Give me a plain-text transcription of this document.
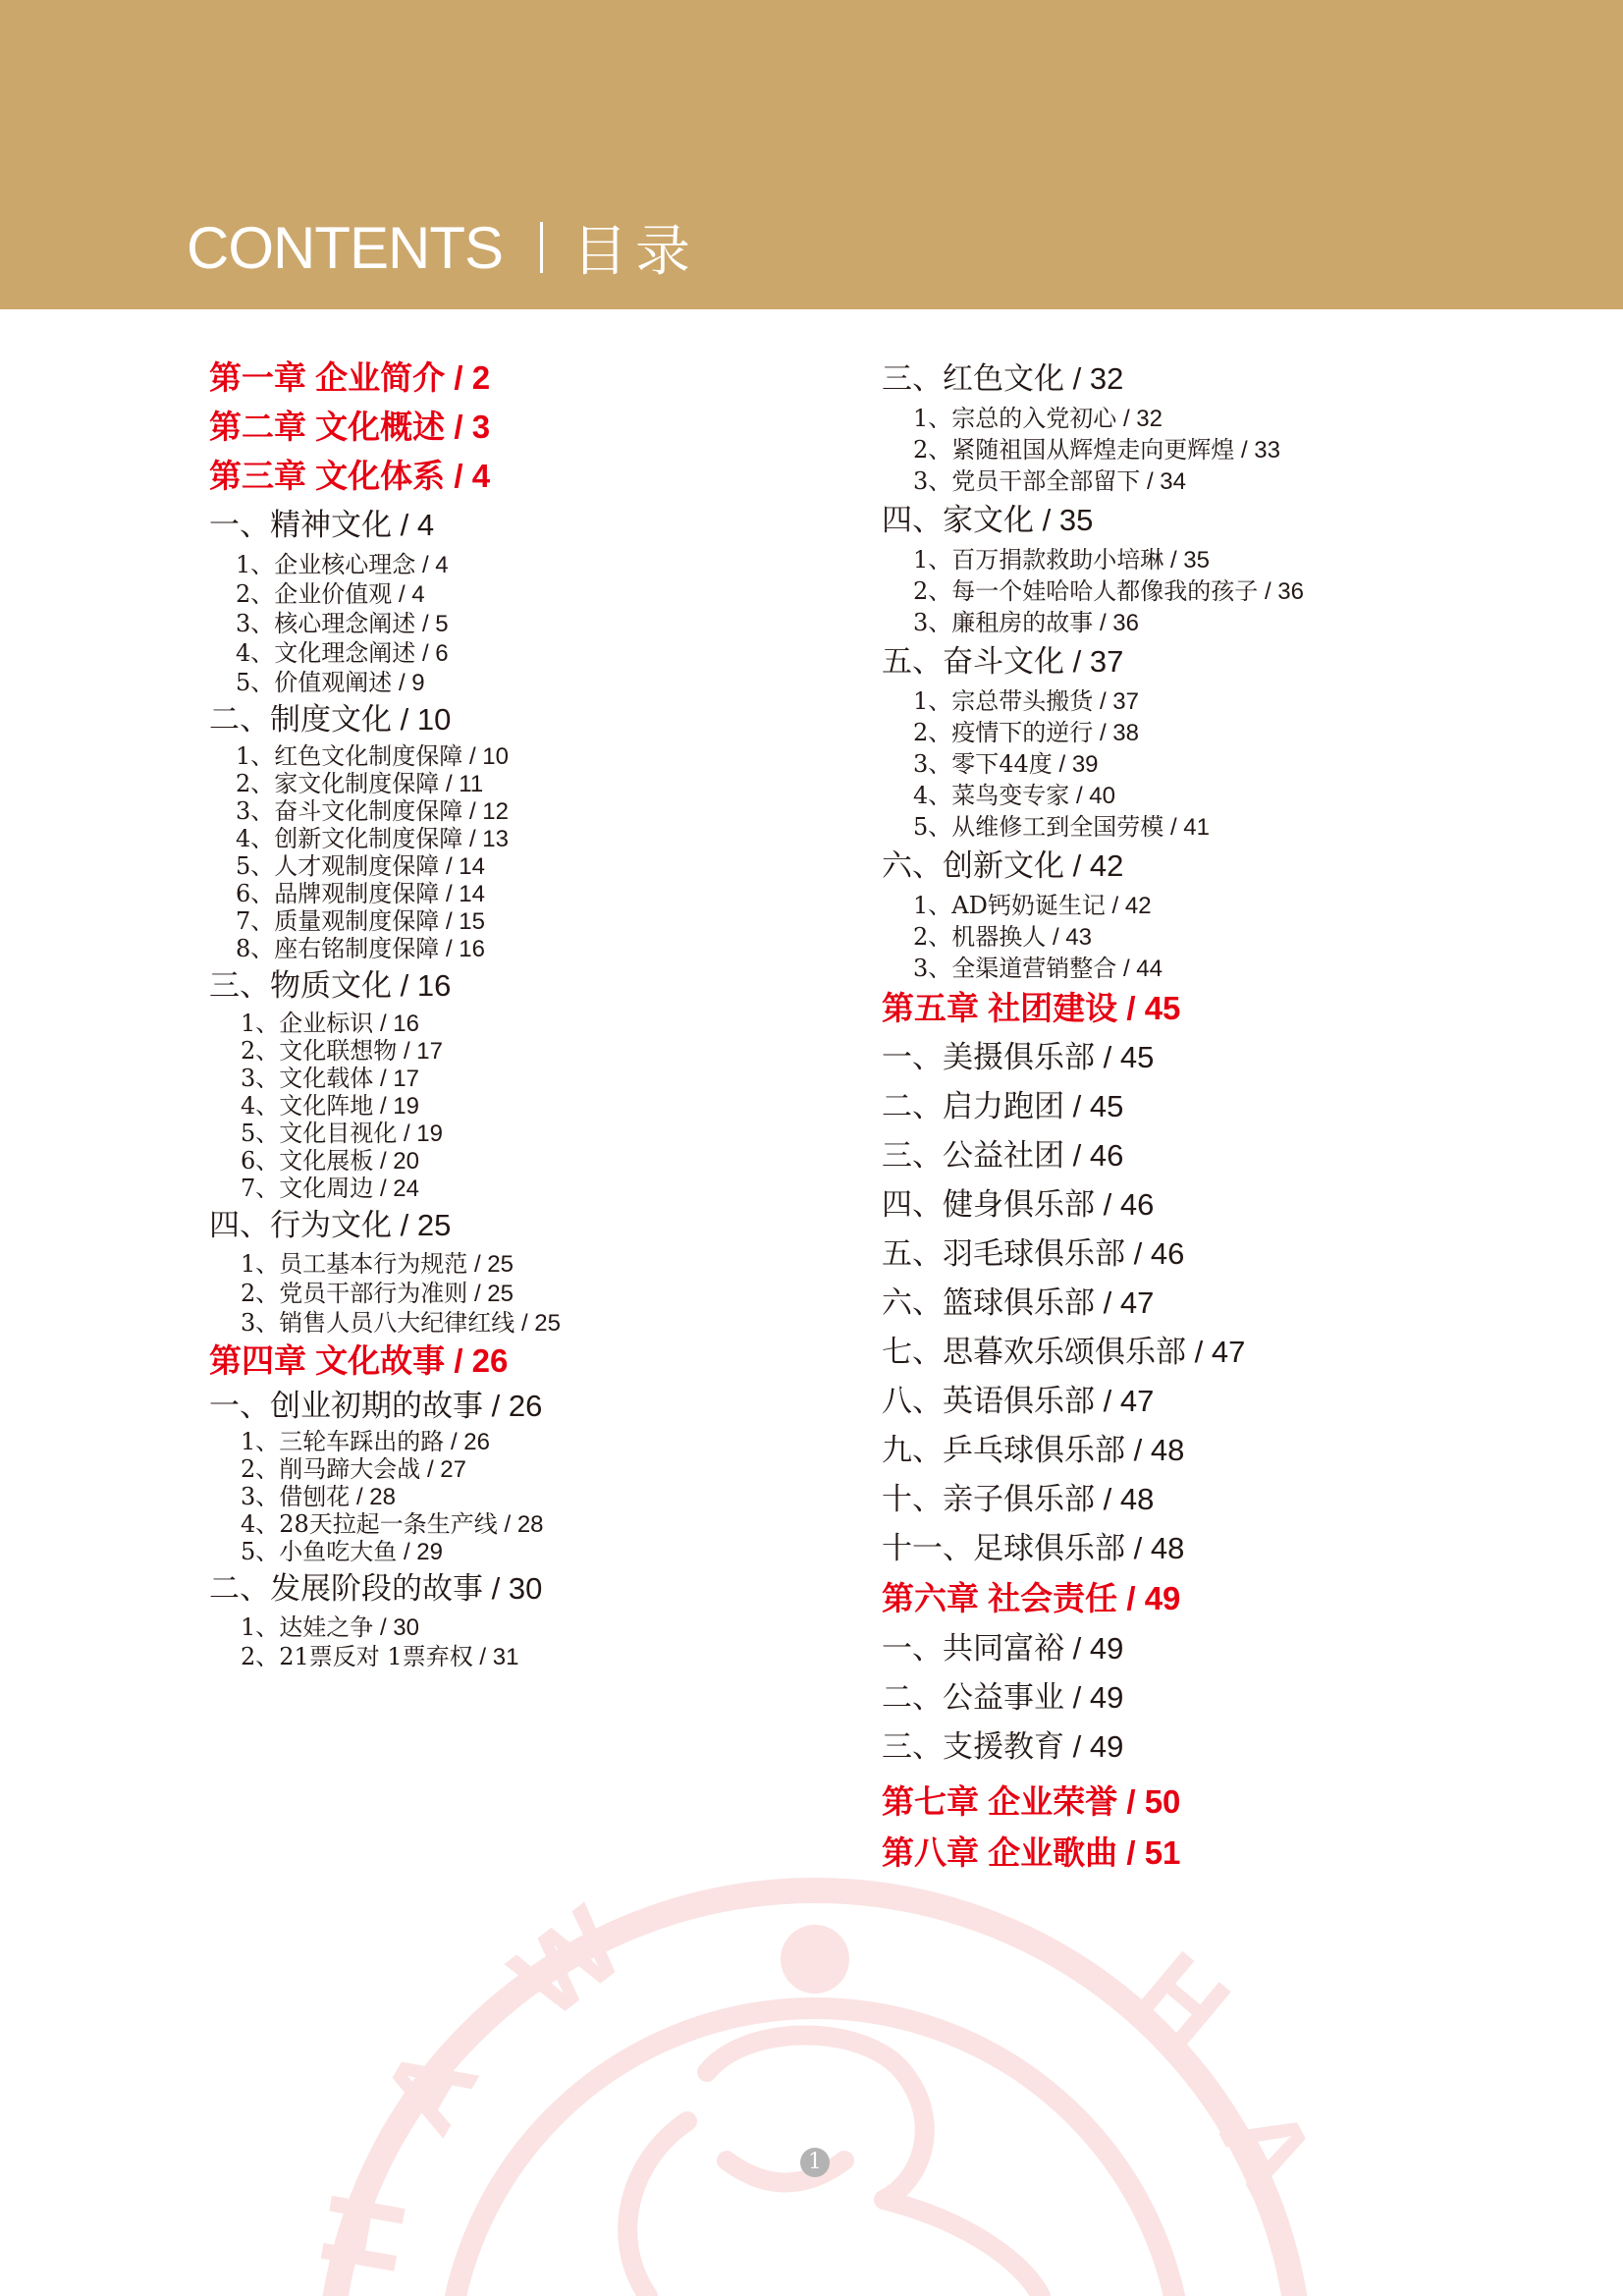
CONTENTS 目录
W
A
H
H
A
第一章 企业简介 / 2
第二章 文化概述 / 3
第三章 文化体系 / 4
一、精神文化 / 4
1、企业核心理念 / 4
2、企业价值观 / 4
3、核心理念阐述 / 5
4、文化理念阐述 / 6
5、价值观阐述 / 9
二、制度文化 / 10
1、红色文化制度保障 / 10
2、家文化制度保障 / 11
3、奋斗文化制度保障 / 12
4、创新文化制度保障 / 13
5、人才观制度保障 / 14
6、品牌观制度保障 / 14
7、质量观制度保障 / 15
8、座右铭制度保障 / 16
三、物质文化 / 16
1、企业标识 / 16
2、文化联想物 / 17
3、文化载体 / 17
4、文化阵地 / 19
5、文化目视化 / 19
6、文化展板 / 20
7、文化周边 / 24
四、行为文化 / 25
1、员工基本行为规范 / 25
2、党员干部行为准则 / 25
3、销售人员八大纪律红线 / 25
第四章 文化故事 / 26
一、创业初期的故事 / 26
1、三轮车踩出的路 / 26
2、削马蹄大会战 / 27
3、借刨花 / 28
4、28天拉起一条生产线 / 28
5、小鱼吃大鱼 / 29
二、发展阶段的故事 / 30
1、达娃之争 / 30
2、21票反对 1票弃权 / 31
三、红色文化 / 32
1、宗总的入党初心 / 32
2、紧随祖国从辉煌走向更辉煌 / 33
3、党员干部全部留下 / 34
四、家文化 / 35
1、百万捐款救助小培琳 / 35
2、每一个娃哈哈人都像我的孩子 / 36
3、廉租房的故事 / 36
五、奋斗文化 / 37
1、宗总带头搬货 / 37
2、疫情下的逆行 / 38
3、零下44度 / 39
4、菜鸟变专家 / 40
5、从维修工到全国劳模 / 41
六、创新文化 / 42
1、AD钙奶诞生记 / 42
2、机器换人 / 43
3、全渠道营销整合 / 44
第五章 社团建设 / 45
一、美摄俱乐部 / 45
二、启力跑团 / 45
三、公益社团 / 46
四、健身俱乐部 / 46
五、羽毛球俱乐部 / 46
六、篮球俱乐部 / 47
七、思暮欢乐颂俱乐部 / 47
八、英语俱乐部 / 47
九、乒乓球俱乐部 / 48
十、亲子俱乐部 / 48
十一、足球俱乐部 / 48
第六章 社会责任 / 49
一、共同富裕 / 49
二、公益事业 / 49
三、支援教育 / 49
第七章 企业荣誉 / 50
第八章 企业歌曲 / 51
1
